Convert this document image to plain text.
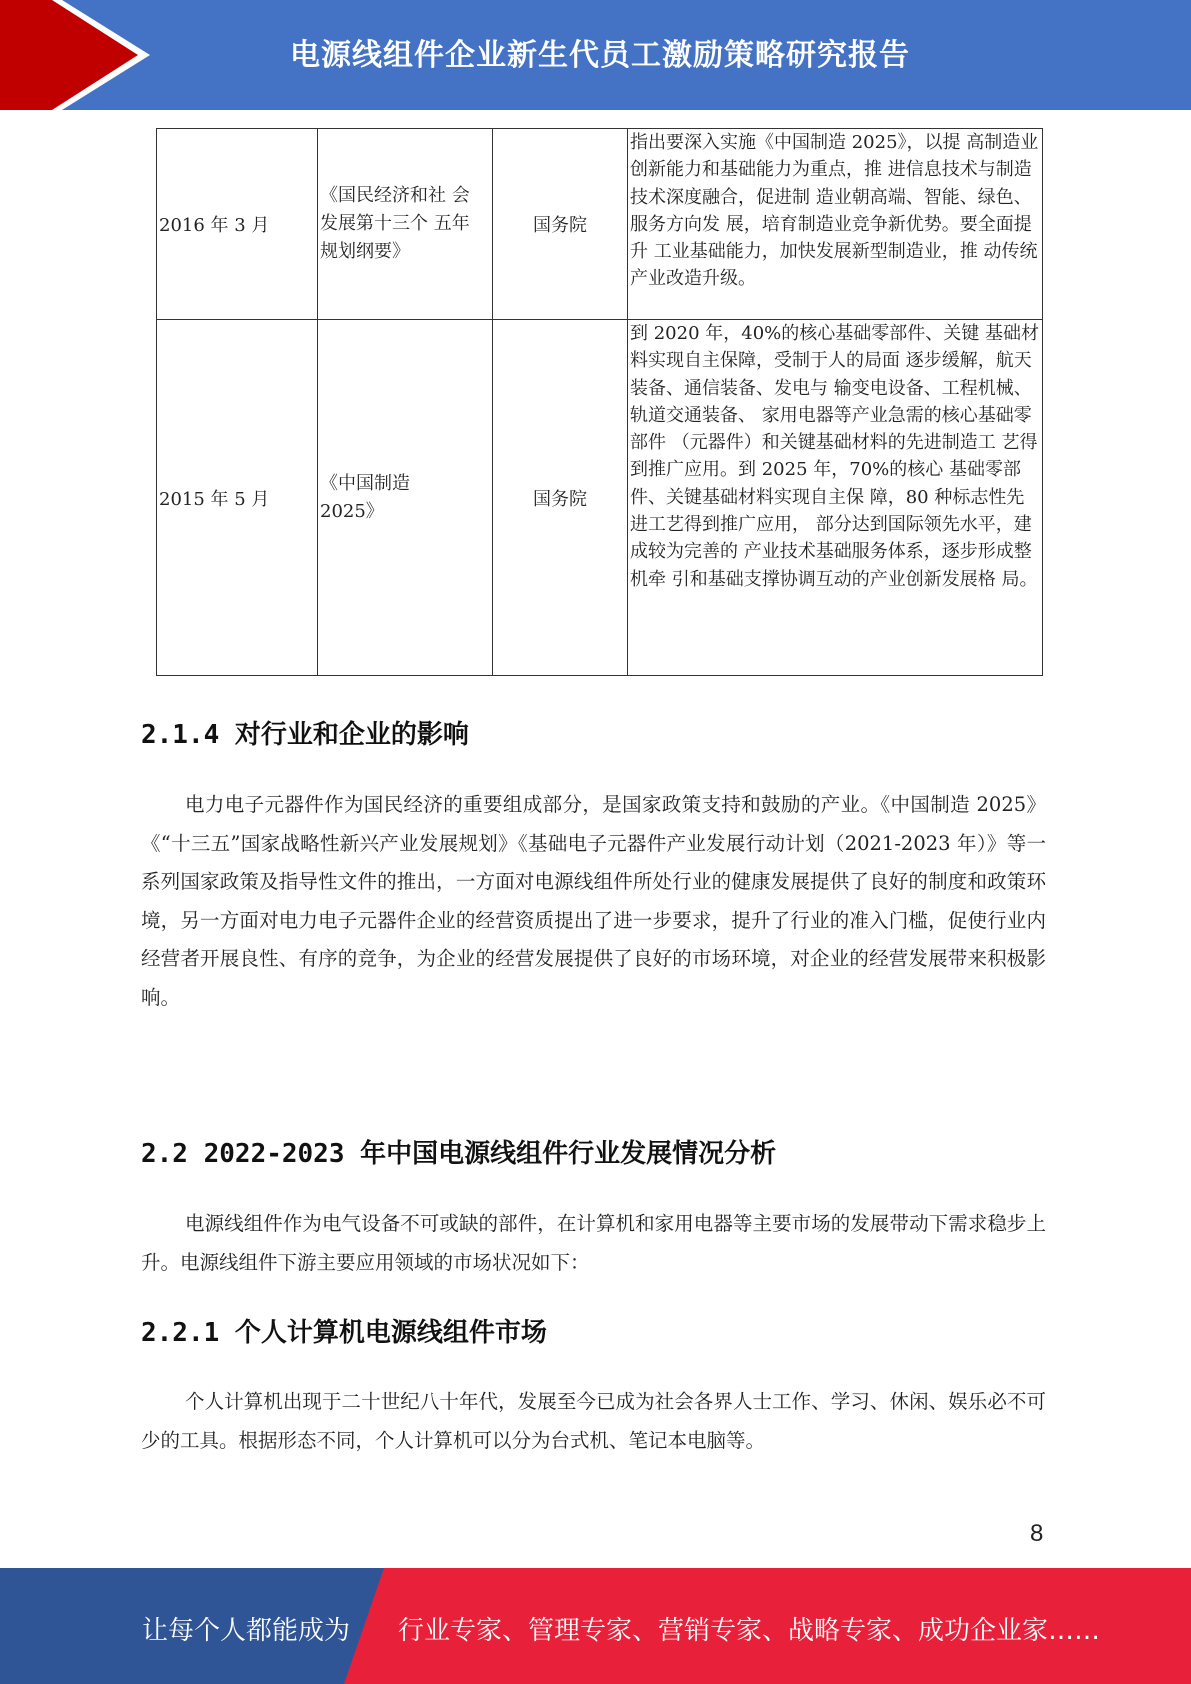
电源线组件企业新生代员工激励策略研究报告
2016 年 3 月	《国民经济和社 会
发展第十三个 五年
规划纲要》	国务院	指出要深入实施《中国制造 2025》，以提 高制造业创新能力和基础能力为重点，推 进信息技术与制造技术深度融合，促进制 造业朝高端、智能、绿色、服务方向发 展，培育制造业竞争新优势。要全面提升 工业基础能力，加快发展新型制造业，推 动传统产业改造升级。
2015 年 5 月	《中国制造
2025》	国务院	到 2020 年，40%的核心基础零部件、关键 基础材料实现自主保障，受制于人的局面 逐步缓解，航天装备、通信装备、发电与 输变电设备、工程机械、轨道交通装备、 家用电器等产业急需的核心基础零部件 （元器件）和关键基础材料的先进制造工 艺得到推广应用。到 2025 年，70%的核心 基础零部件、关键基础材料实现自主保 障，80 种标志性先进工艺得到推广应用， 部分达到国际领先水平，建成较为完善的 产业技术基础服务体系，逐步形成整机牵 引和基础支撑协调互动的产业创新发展格 局。
2.1.4 对行业和企业的影响

电力电子元器件作为国民经济的重要组成部分，是国家政策支持和鼓励的产业。《中国制造 2025》《“十三五”国家战略性新兴产业发展规划》《基础电子元器件产业发展行动计划（2021-2023 年）》等一系列国家政策及指导性文件的推出，一方面对电源线组件所处行业的健康发展提供了良好的制度和政策环境，另一方面对电力电子元器件企业的经营资质提出了进一步要求，提升了行业的准入门槛，促使行业内经营者开展良性、有序的竞争，为企业的经营发展提供了良好的市场环境，对企业的经营发展带来积极影响。

2.2 2022-2023 年中国电源线组件行业发展情况分析

电源线组件作为电气设备不可或缺的部件，在计算机和家用电器等主要市场的发展带动下需求稳步上升。电源线组件下游主要应用领域的市场状况如下：

2.2.1 个人计算机电源线组件市场

个人计算机出现于二十世纪八十年代，发展至今已成为社会各界人士工作、学习、休闲、娱乐必不可少的工具。根据形态不同，个人计算机可以分为台式机、笔记本电脑等。

8
让每个人都能成为 行业专家、管理专家、营销专家、战略专家、成功企业家……
